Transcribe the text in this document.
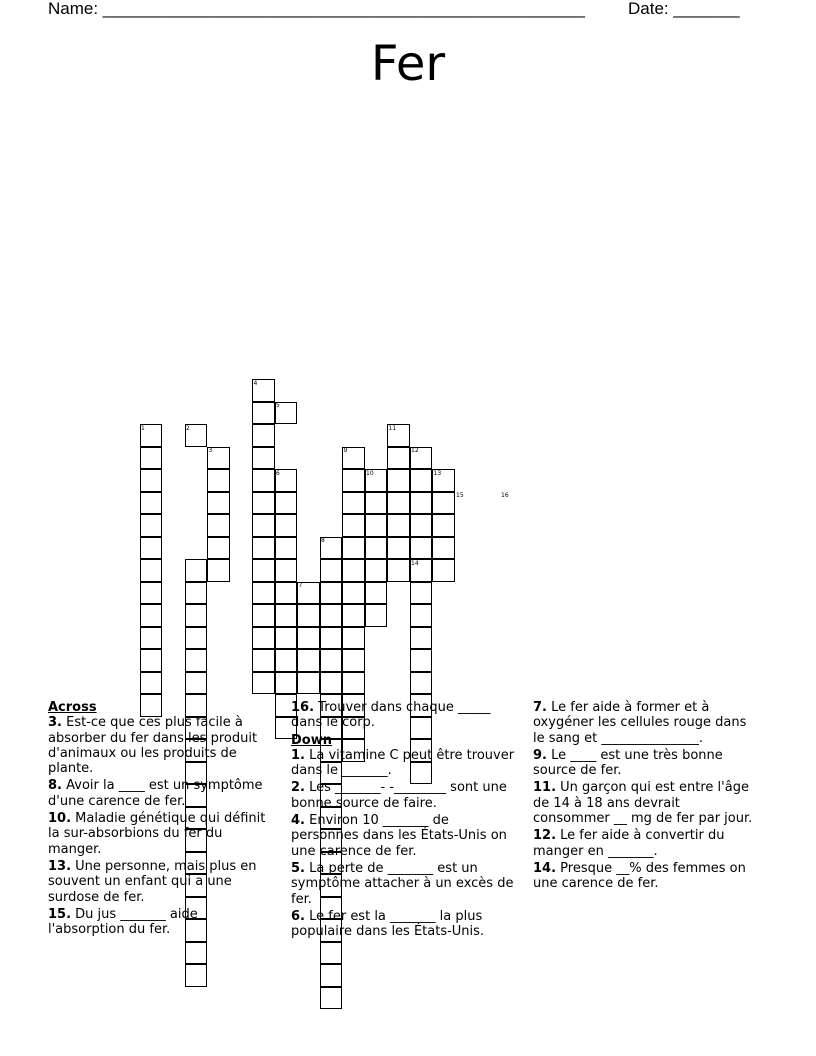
Name: ___________________________________________________	Date: _______
Fer
1	2
3
4
5
6
7
8
9
10
11
12
13
14
15	16
Across
3. Est-ce que ces plus facile à absorber du fer dans les produit d'animaux ou les produits de plante.
8. Avoir la ____ est un symptôme d'une carence de fer.
10. Maladie génétique qui définit la sur-absorbions du fer du manger.
13. Une personne, mais plus en souvent un enfant qui a une surdose de fer.
15. Du jus _______ aide l'absorption du fer.
16. Trouver dans chaque _____ dans le corp.
Down
1. La vitamine C peut être trouver dans le _______.
2. Les _______- -________ sont une bonne source de faire.
4. Environ 10 _______ de personnes dans les États-Unis on une carence de fer.
5. La perte de _______ est un symptôme attacher à un excès de fer.
6. Le fer est la _______ la plus populaire dans les États-Unis.
7. Le fer aide à former et à oxygéner les cellules rouge dans le sang et _______________.
9. Le ____ est une très bonne source de fer.
11. Un garçon qui est entre l'âge de 14 à 18 ans devrait consommer __ mg de fer par jour.
12. Le fer aide à convertir du manger en _______.
14. Presque __% des femmes on une carence de fer.
